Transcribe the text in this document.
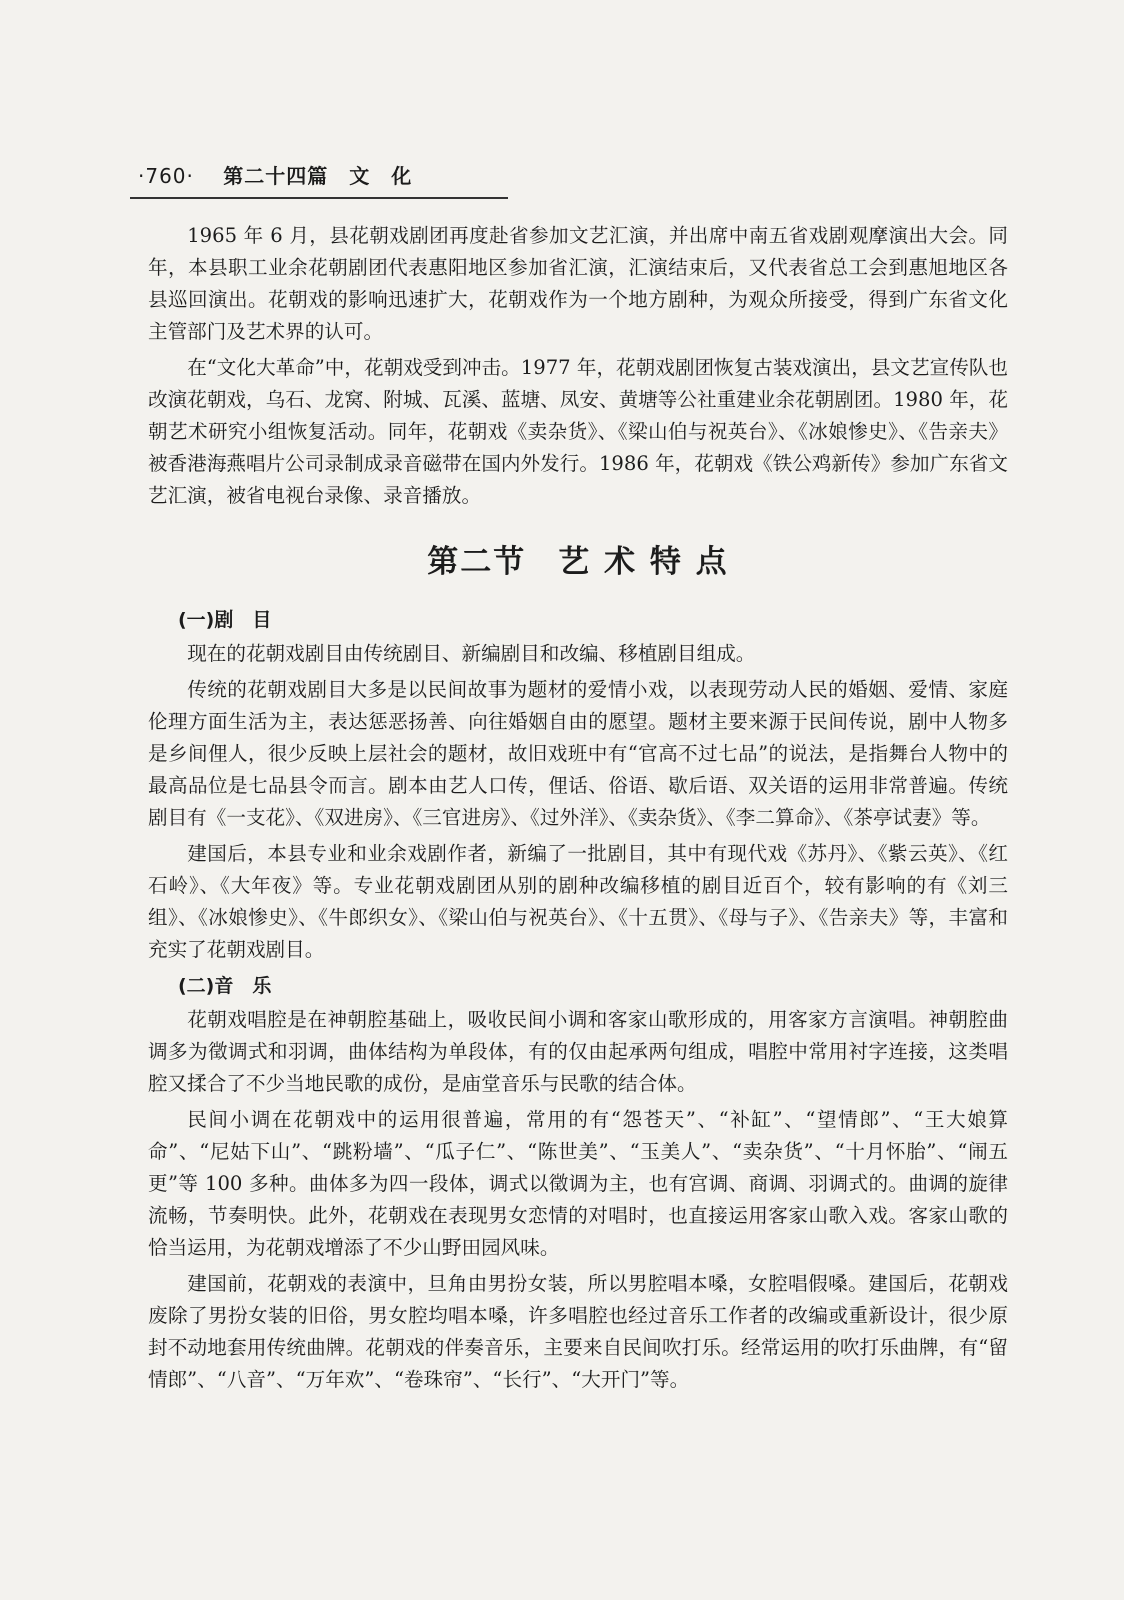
·760· 第二十四篇　文　化

1965 年 6 月，县花朝戏剧团再度赴省参加文艺汇演，并出席中南五省戏剧观摩演出大会。同年，本县职工业余花朝剧团代表惠阳地区参加省汇演，汇演结束后，又代表省总工会到惠旭地区各县巡回演出。花朝戏的影响迅速扩大，花朝戏作为一个地方剧种，为观众所接受，得到广东省文化主管部门及艺术界的认可。

在“文化大革命”中，花朝戏受到冲击。1977 年，花朝戏剧团恢复古装戏演出，县文艺宣传队也改演花朝戏，乌石、龙窝、附城、瓦溪、蓝塘、凤安、黄塘等公社重建业余花朝剧团。1980 年，花朝艺术研究小组恢复活动。同年，花朝戏《卖杂货》、《梁山伯与祝英台》、《冰娘惨史》、《告亲夫》被香港海燕唱片公司录制成录音磁带在国内外发行。1986 年，花朝戏《铁公鸡新传》参加广东省文艺汇演，被省电视台录像、录音播放。

第二节 艺 术 特 点
(一)剧　目

现在的花朝戏剧目由传统剧目、新编剧目和改编、移植剧目组成。

传统的花朝戏剧目大多是以民间故事为题材的爱情小戏，以表现劳动人民的婚姻、爱情、家庭伦理方面生活为主，表达惩恶扬善、向往婚姻自由的愿望。题材主要来源于民间传说，剧中人物多是乡间俚人，很少反映上层社会的题材，故旧戏班中有“官高不过七品”的说法，是指舞台人物中的最高品位是七品县令而言。剧本由艺人口传，俚话、俗语、歇后语、双关语的运用非常普遍。传统剧目有《一支花》、《双进房》、《三官进房》、《过外洋》、《卖杂货》、《李二算命》、《茶亭试妻》等。

建国后，本县专业和业余戏剧作者，新编了一批剧目，其中有现代戏《苏丹》、《紫云英》、《红石岭》、《大年夜》等。专业花朝戏剧团从别的剧种改编移植的剧目近百个，较有影响的有《刘三组》、《冰娘惨史》、《牛郎织女》、《梁山伯与祝英台》、《十五贯》、《母与子》、《告亲夫》等，丰富和充实了花朝戏剧目。

(二)音　乐

花朝戏唱腔是在神朝腔基础上，吸收民间小调和客家山歌形成的，用客家方言演唱。神朝腔曲调多为徵调式和羽调，曲体结构为单段体，有的仅由起承两句组成，唱腔中常用衬字连接，这类唱腔又揉合了不少当地民歌的成份，是庙堂音乐与民歌的结合体。

民间小调在花朝戏中的运用很普遍，常用的有“怨苍天”、“补缸”、“望情郎”、“王大娘算命”、“尼姑下山”、“跳粉墙”、“瓜子仁”、“陈世美”、“玉美人”、“卖杂货”、“十月怀胎”、“闹五更”等 100 多种。曲体多为四一段体，调式以徵调为主，也有宫调、商调、羽调式的。曲调的旋律流畅，节奏明快。此外，花朝戏在表现男女恋情的对唱时，也直接运用客家山歌入戏。客家山歌的恰当运用，为花朝戏增添了不少山野田园风味。

建国前，花朝戏的表演中，旦角由男扮女装，所以男腔唱本嗓，女腔唱假嗓。建国后，花朝戏废除了男扮女装的旧俗，男女腔均唱本嗓，许多唱腔也经过音乐工作者的改编或重新设计，很少原封不动地套用传统曲牌。花朝戏的伴奏音乐，主要来自民间吹打乐。经常运用的吹打乐曲牌，有“留情郎”、“八音”、“万年欢”、“卷珠帘”、“长行”、“大开门”等。
